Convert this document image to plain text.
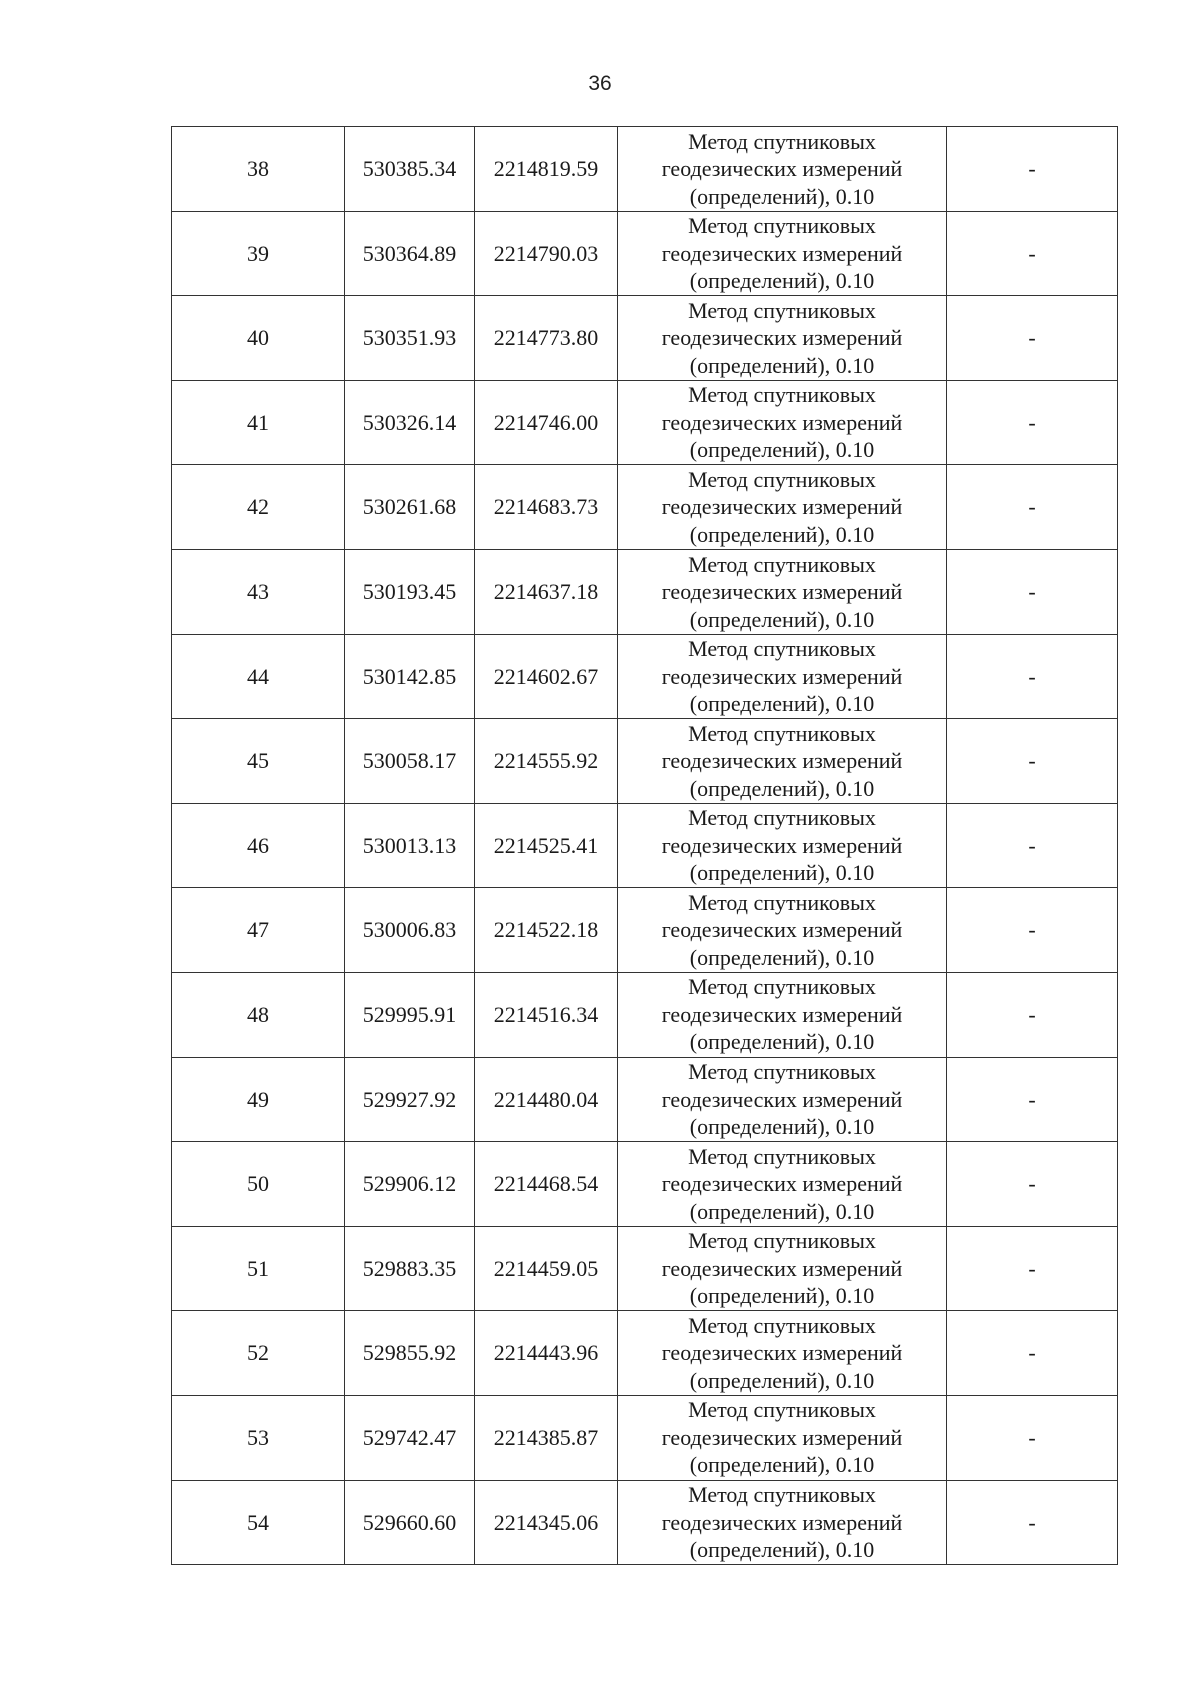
36
38	530385.34	2214819.59	Метод спутниковых
геодезических измерений
(определений), 0.10	-
39	530364.89	2214790.03	Метод спутниковых
геодезических измерений
(определений), 0.10	-
40	530351.93	2214773.80	Метод спутниковых
геодезических измерений
(определений), 0.10	-
41	530326.14	2214746.00	Метод спутниковых
геодезических измерений
(определений), 0.10	-
42	530261.68	2214683.73	Метод спутниковых
геодезических измерений
(определений), 0.10	-
43	530193.45	2214637.18	Метод спутниковых
геодезических измерений
(определений), 0.10	-
44	530142.85	2214602.67	Метод спутниковых
геодезических измерений
(определений), 0.10	-
45	530058.17	2214555.92	Метод спутниковых
геодезических измерений
(определений), 0.10	-
46	530013.13	2214525.41	Метод спутниковых
геодезических измерений
(определений), 0.10	-
47	530006.83	2214522.18	Метод спутниковых
геодезических измерений
(определений), 0.10	-
48	529995.91	2214516.34	Метод спутниковых
геодезических измерений
(определений), 0.10	-
49	529927.92	2214480.04	Метод спутниковых
геодезических измерений
(определений), 0.10	-
50	529906.12	2214468.54	Метод спутниковых
геодезических измерений
(определений), 0.10	-
51	529883.35	2214459.05	Метод спутниковых
геодезических измерений
(определений), 0.10	-
52	529855.92	2214443.96	Метод спутниковых
геодезических измерений
(определений), 0.10	-
53	529742.47	2214385.87	Метод спутниковых
геодезических измерений
(определений), 0.10	-
54	529660.60	2214345.06	Метод спутниковых
геодезических измерений
(определений), 0.10	-
